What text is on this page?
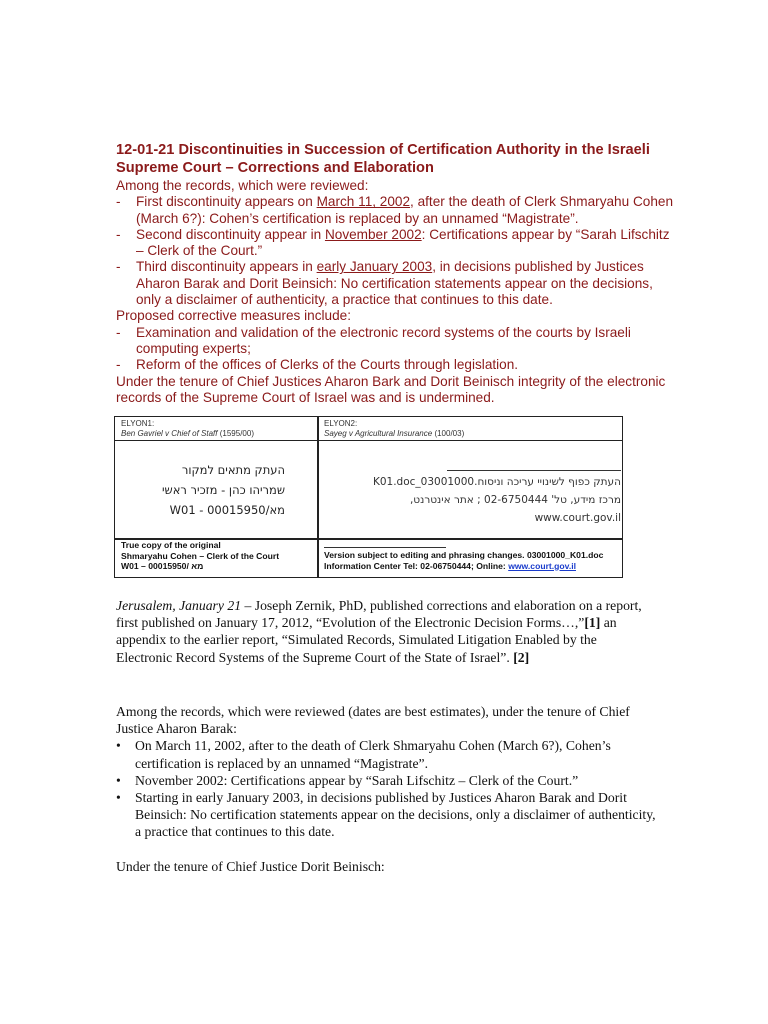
12-01-21 Discontinuities in Succession of Certification Authority in the Israeli Supreme Court – Corrections and Elaboration
Among the records, which were reviewed:
- First discontinuity appears on March 11, 2002, after the death of Clerk Shmaryahu Cohen (March 6?): Cohen’s certification is replaced by an unnamed “Magistrate”.
- Second discontinuity appear in November 2002: Certifications appear by “Sarah Lifschitz – Clerk of the Court.”
- Third discontinuity appears in early January 2003, in decisions published by Justices Aharon Barak and Dorit Beinsich: No certification statements appear on the decisions, only a disclaimer of authenticity, a practice that continues to this date.
Proposed corrective measures include:
- Examination and validation of the electronic record systems of the courts by Israeli computing experts;
- Reform of the offices of Clerks of the Courts through legislation.
Under the tenure of Chief Justices Aharon Bark and Dorit Beinisch integrity of the electronic records of the Supreme Court of Israel was and is undermined.
ELYON1:
Ben Gavriel v Chief of Staff (1595/00)
ELYON2:
Sayeg v Agricultural Insurance (100/03)
העתק מתאים למקור
שמריהו כהן - מזכיר ראשי
מא/W01 - 00015950
העתק כפוף לשינויי עריכה וניסוח.03001000_K01.doc
מרכז מידע, טל' 02-6750444 ; אתר אינטרנט, www.court.gov.il
True copy of the original
Shmaryahu Cohen – Clerk of the Court
W01 – 00015950/ מא
Version subject to editing and phrasing changes. 03001000_K01.doc
Information Center Tel: 02-06750444; Online: www.court.gov.il
Jerusalem, January 21 – Joseph Zernik, PhD, published corrections and elaboration on a report, first published on January 17, 2012, “Evolution of the Electronic Decision Forms…,”[1] an appendix to the earlier report, “Simulated Records, Simulated Litigation Enabled by the Electronic Record Systems of the Supreme Court of the State of Israel”. [2]
Among the records, which were reviewed (dates are best estimates), under the tenure of Chief Justice Aharon Barak:
• On March 11, 2002, after to the death of Clerk Shmaryahu Cohen (March 6?), Cohen’s certification is replaced by an unnamed “Magistrate”.
• November 2002: Certifications appear by “Sarah Lifschitz – Clerk of the Court.”
• Starting in early January 2003, in decisions published by Justices Aharon Barak and Dorit Beinsich: No certification statements appear on the decisions, only a disclaimer of authenticity, a practice that continues to this date.
Under the tenure of Chief Justice Dorit Beinisch:
